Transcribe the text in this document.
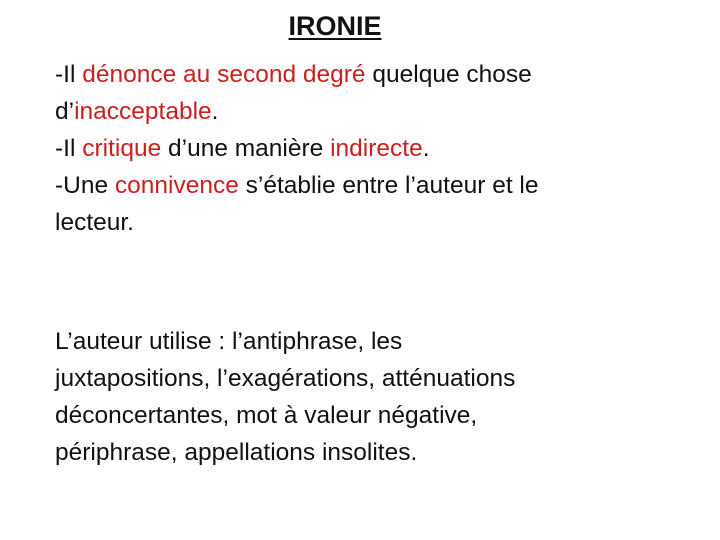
IRONIE
-Il dénonce au second degré quelque chose
d’inacceptable.
-Il critique d’une manière indirecte.
-Une connivence s’établie entre l’auteur et le
lecteur.
L’auteur utilise : l’antiphrase, les
juxtapositions, l’exagérations, atténuations
déconcertantes, mot à valeur négative,
périphrase, appellations insolites.
